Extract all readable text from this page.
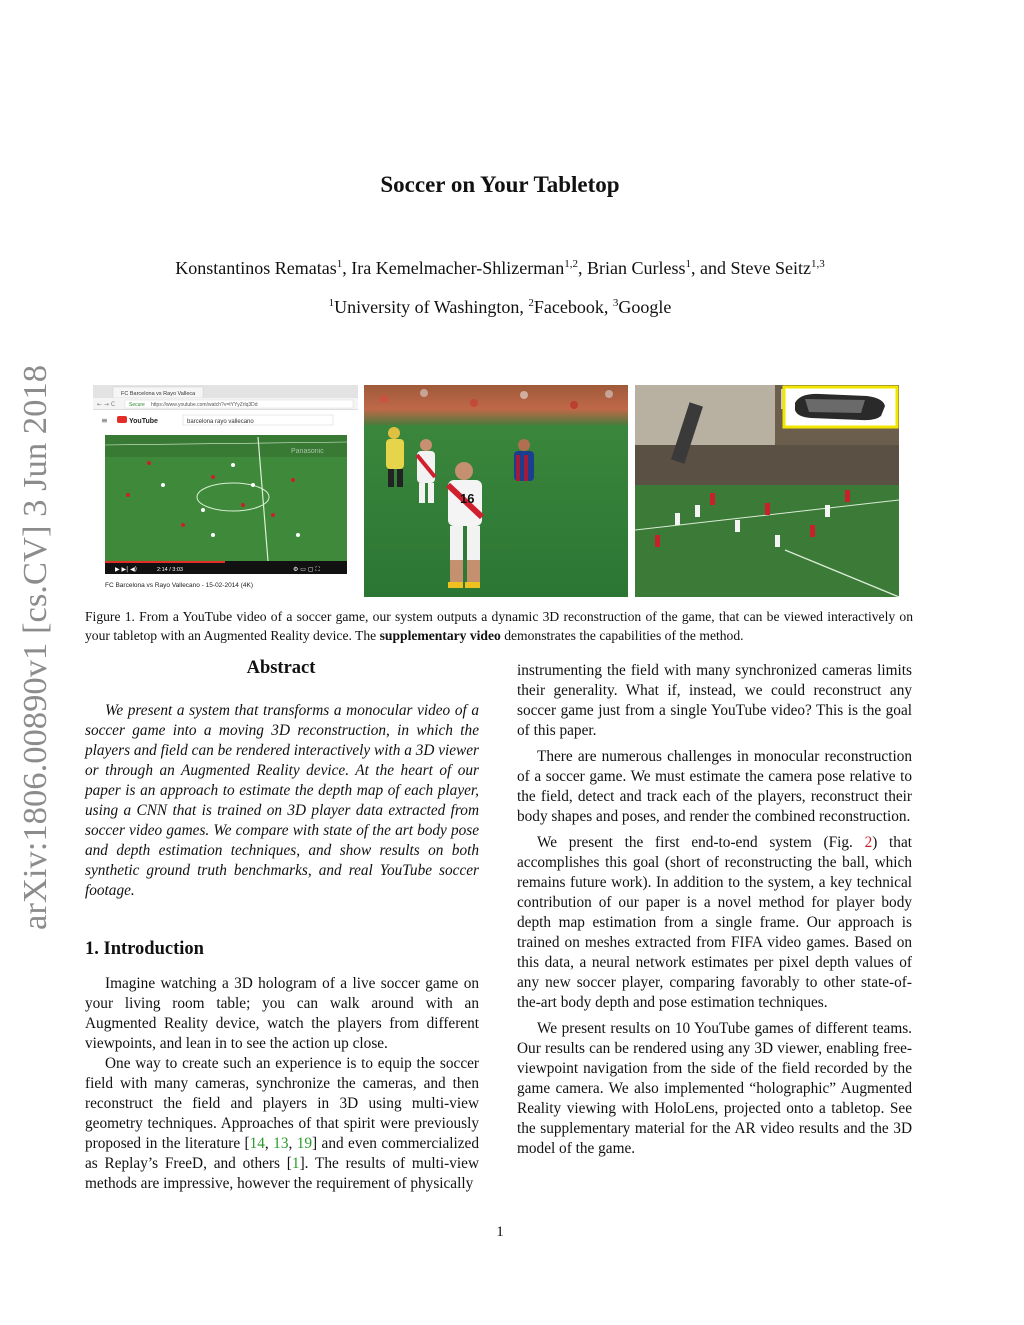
arXiv:1806.00890v1 [cs.CV] 3 Jun 2018
Soccer on Your Tabletop
Konstantinos Rematas$^1$, Ira Kemelmacher-Shlizerman$^{1,2}$, Brian Curless$^1$, and Steve Seitz$^{1,3}$
$^1$University of Washington, $^2$Facebook, $^3$Google
FC Barcelona vs Rayo Valleca
← → C	Secure https://www.youtube.com/watch?v=tYYyZrlq3Dd
≡	YouTube	barcelona rayo vallecano
Panasonic
▶ ▶| ◀)	2:14 / 3:03	⚙ ▭ ▢ ⛶
FC Barcelona vs Rayo Vallecano - 15-02-2014 (4K)
16
Figure 1. From a YouTube video of a soccer game, our system outputs a dynamic 3D reconstruction of the game, that can be viewed interactively on your tabletop with an Augmented Reality device. The supplementary video demonstrates the capabilities of the method.
Abstract

We present a system that transforms a monocular video of a soccer game into a moving 3D reconstruction, in which the players and field can be rendered interactively with a 3D viewer or through an Augmented Reality device. At the heart of our paper is an approach to estimate the depth map of each player, using a CNN that is trained on 3D player data extracted from soccer video games. We compare with state of the art body pose and depth estimation techniques, and show results on both synthetic ground truth benchmarks, and real YouTube soccer footage.

1. Introduction

Imagine watching a 3D hologram of a live soccer game on your living room table; you can walk around with an Augmented Reality device, watch the players from different viewpoints, and lean in to see the action up close.

One way to create such an experience is to equip the soccer field with many cameras, synchronize the cameras, and then reconstruct the field and players in 3D using multi-view geometry techniques. Approaches of that spirit were previously proposed in the literature [14, 13, 19] and even commercialized as Replay’s FreeD, and others [1]. The results of multi-view methods are impressive, however the requirement of physically

instrumenting the field with many synchronized cameras limits their generality. What if, instead, we could reconstruct any soccer game just from a single YouTube video? This is the goal of this paper.

There are numerous challenges in monocular reconstruction of a soccer game. We must estimate the camera pose relative to the field, detect and track each of the players, reconstruct their body shapes and poses, and render the combined reconstruction.

We present the first end-to-end system (Fig. 2) that accomplishes this goal (short of reconstructing the ball, which remains future work). In addition to the system, a key technical contribution of our paper is a novel method for player body depth map estimation from a single frame. Our approach is trained on meshes extracted from FIFA video games. Based on this data, a neural network estimates per pixel depth values of any new soccer player, comparing favorably to other state-of-the-art body depth and pose estimation techniques.

We present results on 10 YouTube games of different teams. Our results can be rendered using any 3D viewer, enabling free-viewpoint navigation from the side of the field recorded by the game camera. We also implemented “holographic” Augmented Reality viewing with HoloLens, projected onto a tabletop. See the supplementary material for the AR video results and the 3D model of the game.

1
